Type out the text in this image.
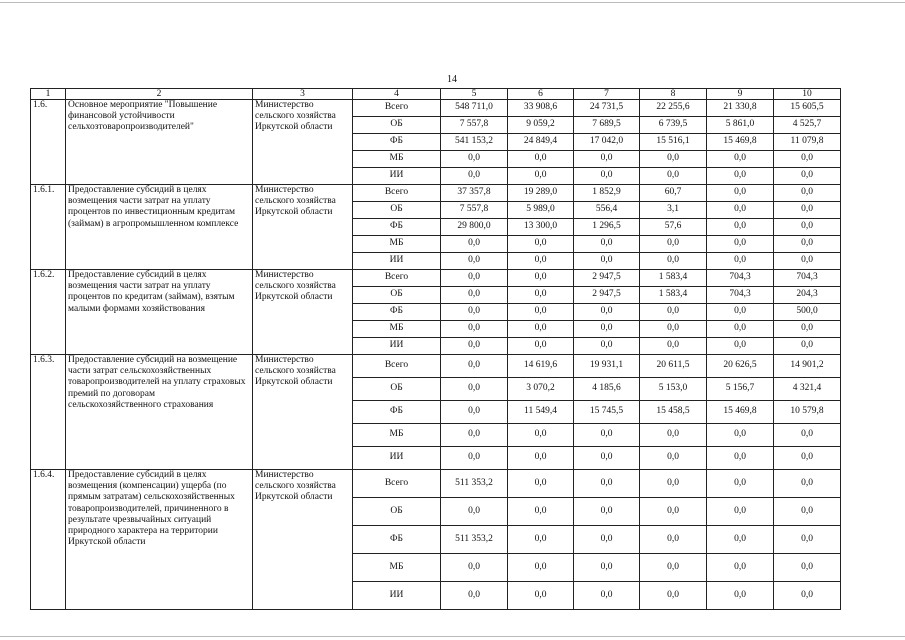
14
1	2	3	4	5	6	7	8	9	10
1.6.	Основное мероприятие "Повышение финансовой устойчивости сельхозтоваропроизводителей"	Министерство сельского хозяйства Иркутской области	Всего	548 711,0	33 908,6	24 731,5	22 255,6	21 330,8	15 605,5
			ОБ	7 557,8	9 059,2	7 689,5	6 739,5	5 861,0	4 525,7
			ФБ	541 153,2	24 849,4	17 042,0	15 516,1	15 469,8	11 079,8
			МБ	0,0	0,0	0,0	0,0	0,0	0,0
			ИИ	0,0	0,0	0,0	0,0	0,0	0,0
1.6.1.	Предоставление субсидий в целях возмещения части затрат на уплату процентов по инвестиционным кредитам (займам) в агропромышленном комплексе	Министерство сельского хозяйства Иркутской области	Всего	37 357,8	19 289,0	1 852,9	60,7	0,0	0,0
			ОБ	7 557,8	5 989,0	556,4	3,1	0,0	0,0
			ФБ	29 800,0	13 300,0	1 296,5	57,6	0,0	0,0
			МБ	0,0	0,0	0,0	0,0	0,0	0,0
			ИИ	0,0	0,0	0,0	0,0	0,0	0,0
1.6.2.	Предоставление субсидий в целях возмещения части затрат на уплату процентов по кредитам (займам), взятым малыми формами хозяйствования	Министерство сельского хозяйства Иркутской области	Всего	0,0	0,0	2 947,5	1 583,4	704,3	704,3
			ОБ	0,0	0,0	2 947,5	1 583,4	704,3	204,3
			ФБ	0,0	0,0	0,0	0,0	0,0	500,0
			МБ	0,0	0,0	0,0	0,0	0,0	0,0
			ИИ	0,0	0,0	0,0	0,0	0,0	0,0
1.6.3.	Предоставление субсидий на возмещение части затрат сельскохозяйственных товаропроизводителей на уплату страховых премий по договорам сельскохозяйственного страхования	Министерство сельского хозяйства Иркутской области	Всего	0,0	14 619,6	19 931,1	20 611,5	20 626,5	14 901,2
			ОБ	0,0	3 070,2	4 185,6	5 153,0	5 156,7	4 321,4
			ФБ	0,0	11 549,4	15 745,5	15 458,5	15 469,8	10 579,8
			МБ	0,0	0,0	0,0	0,0	0,0	0,0
			ИИ	0,0	0,0	0,0	0,0	0,0	0,0
1.6.4.	Предоставление субсидий в целях возмещения (компенсации) ущерба (по прямым затратам) сельскохозяйственных товаропроизводителей, причиненного в результате чрезвычайных ситуаций природного характера на территории Иркутской области	Министерство сельского хозяйства Иркутской области	Всего	511 353,2	0,0	0,0	0,0	0,0	0,0
			ОБ	0,0	0,0	0,0	0,0	0,0	0,0
			ФБ	511 353,2	0,0	0,0	0,0	0,0	0,0
			МБ	0,0	0,0	0,0	0,0	0,0	0,0
			ИИ	0,0	0,0	0,0	0,0	0,0	0,0
